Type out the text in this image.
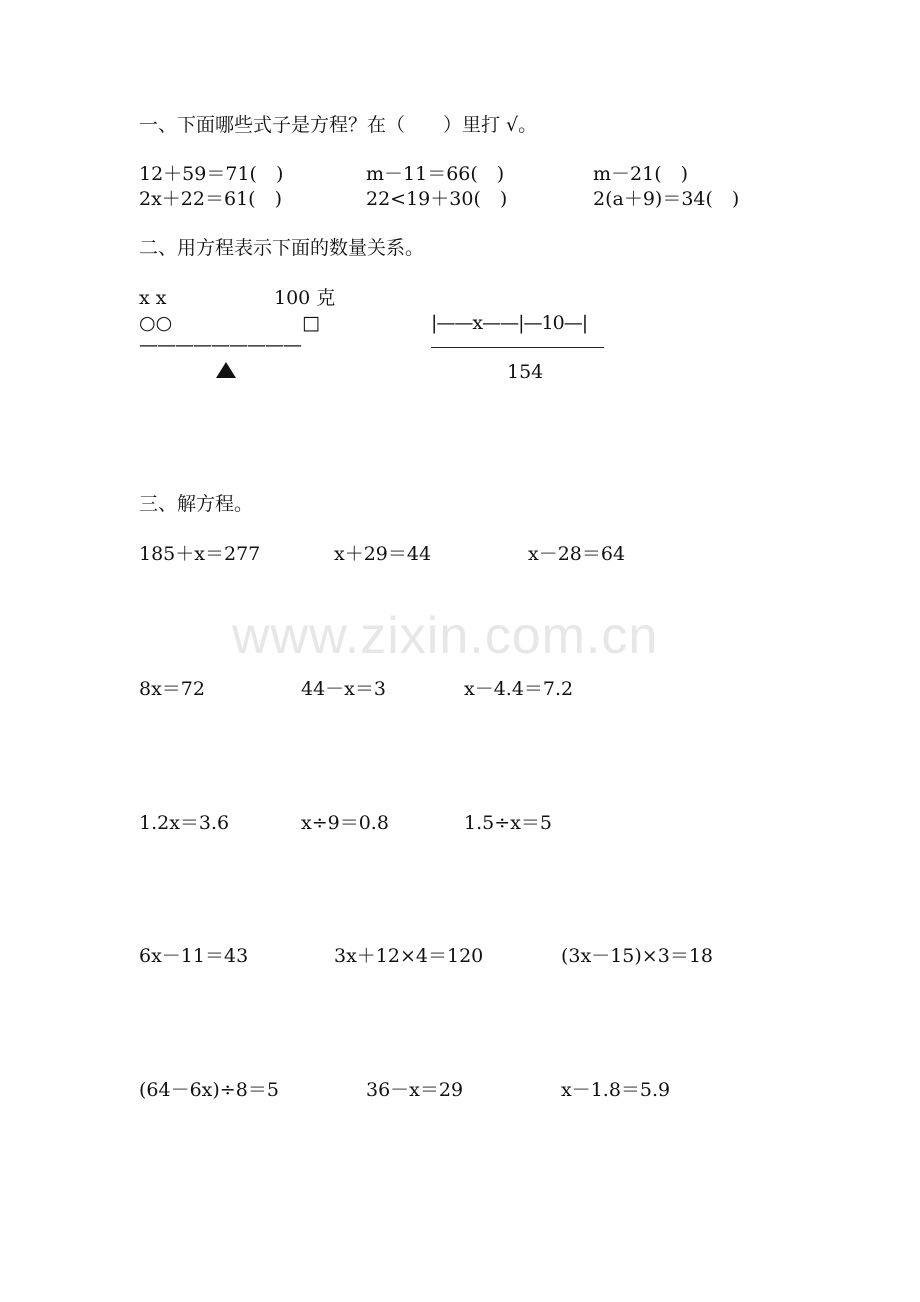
www.zixin.com.cn
一、下面哪些式子是方程？在（　　）里打 √。
12＋59＝71(　)	m－11＝66(　)	m－21(　)
2x＋22＝61(　)	22<19＋30(　)	2(a＋9)＝34(　)
二、用方程表示下面的数量关系。
x x	100 克
○○	□
—————————
|——x——|—10—|
154
三、解方程。
185＋x＝277	x＋29＝44	x－28＝64
8x＝72	44－x＝3	x－4.4＝7.2
1.2x＝3.6	x÷9＝0.8	1.5÷x＝5
6x－11＝43	3x＋12×4＝120	(3x－15)×3＝18
(64－6x)÷8＝5	36－x＝29	x－1.8＝5.9
